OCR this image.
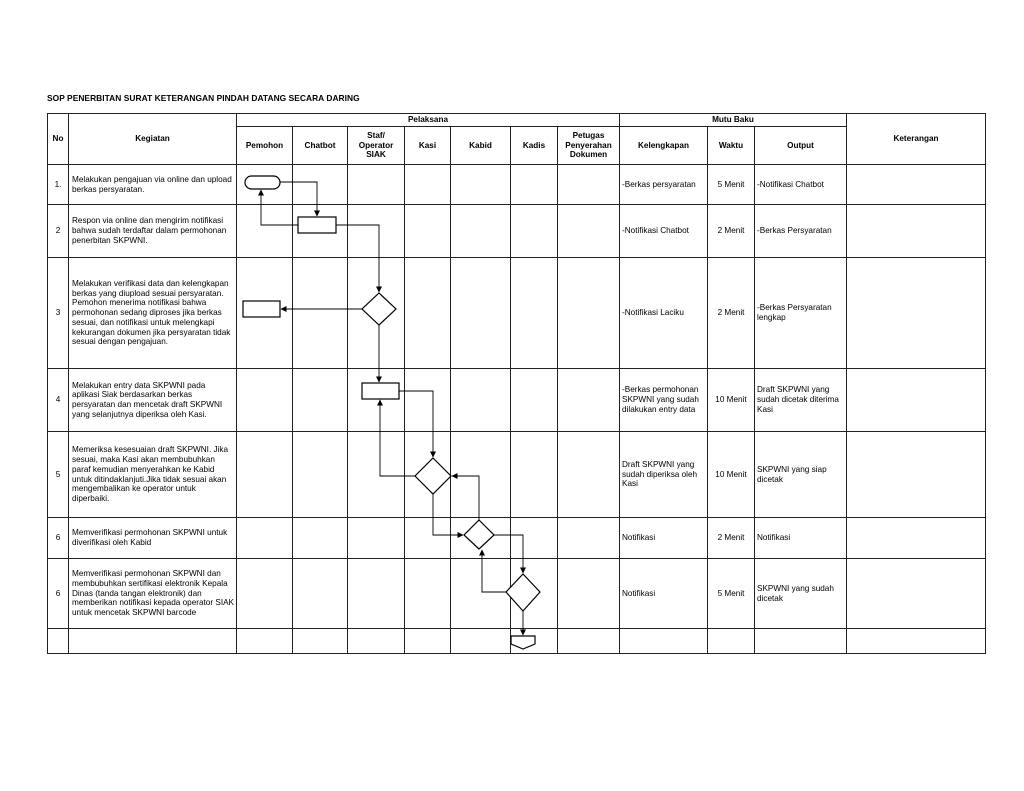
SOP PENERBITAN SURAT KETERANGAN PINDAH DATANG SECARA DARING
No	Kegiatan	Pelaksana							Mutu Baku			Keterangan
		Pemohon	Chatbot	Staf/ Operator SIAK	Kasi	Kabid	Kadis	Petugas Penyerahan Dokumen	Kelengkapan	Waktu	Output	
1.	Melakukan pengajuan via online dan upload berkas persyaratan.								-Berkas persyaratan	5 Menit	-Notifikasi Chatbot	
2	Respon via online dan mengirim notifikasi bahwa sudah terdaftar dalam permohonan penerbitan SKPWNI.								-Notifikasi Chatbot	2 Menit	-Berkas Persyaratan	
3	Melakukan verifikasi data dan kelengkapan berkas yang diupload sesuai persyaratan. Pemohon menerima notifikasi bahwa permohonan sedang diproses jika berkas sesuai, dan notifikasi untuk melengkapi kekurangan dokumen jika persyaratan tidak sesuai dengan pengajuan.								-Notifikasi Laciku	2 Menit	-Berkas Persyaratan lengkap	
4	Melakukan entry data SKPWNI pada aplikasi Siak berdasarkan berkas persyaratan dan mencetak draft SKPWNI yang selanjutnya diperiksa oleh Kasi.								-Berkas permohonan SKPWNI yang sudah dilakukan entry data	10 Menit	Draft SKPWNI yang sudah dicetak diterima Kasi	
5	Memeriksa kesesuaian draft SKPWNI. Jika sesuai, maka Kasi akan membubuhkan paraf kemudian menyerahkan ke Kabid untuk ditindaklanjuti.Jika tidak sesuai akan mengembalikan ke operator untuk diperbaiki.								Draft SKPWNI yang sudah diperiksa oleh Kasi	10 Menit	SKPWNI yang siap dicetak	
6	Memverifikasi permohonan SKPWNI untuk diverifikasi oleh Kabid								Notifikasi	2 Menit	Notifikasi	
6	Memverifikasi permohonan SKPWNI dan membubuhkan sertifikasi elektronik Kepala Dinas (tanda tangan elektronik) dan memberikan notifikasi kepada operator SIAK untuk mencetak SKPWNI barcode								Notifikasi	5 Menit	SKPWNI yang sudah dicetak	
